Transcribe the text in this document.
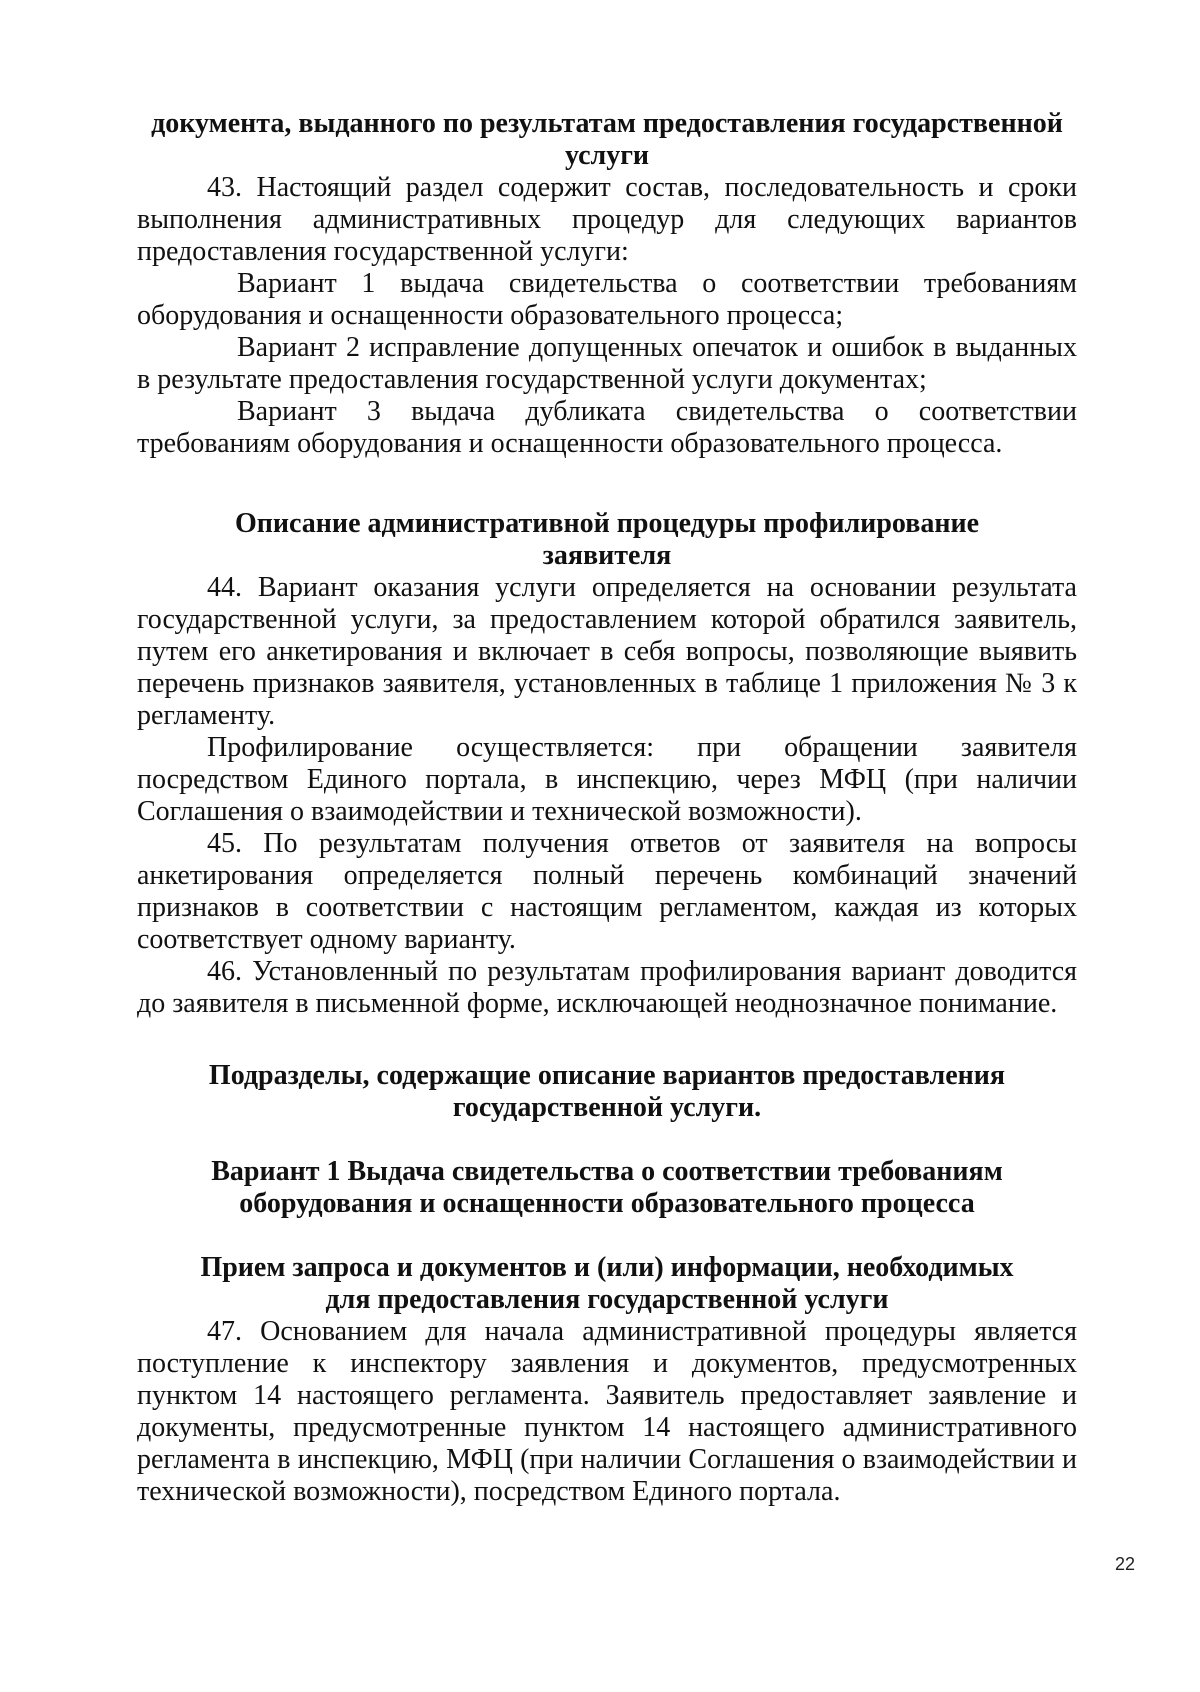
документа, выданного по результатам предоставления государственной услуги

43. Настоящий раздел содержит состав, последовательность и сроки выполнения административных процедур для следующих вариантов предоставления государственной услуги:

Вариант 1 выдача свидетельства о соответствии требованиям оборудования и оснащенности образовательного процесса;

Вариант 2 исправление допущенных опечаток и ошибок в выданных в результате предоставления государственной услуги документах;

Вариант 3 выдача дубликата свидетельства о соответствии требованиям оборудования и оснащенности образовательного процесса.

Описание административной процедуры профилирование заявителя

44. Вариант оказания услуги определяется на основании результата государственной услуги, за предоставлением которой обратился заявитель, путем его анкетирования и включает в себя вопросы, позволяющие выявить перечень признаков заявителя, установленных в таблице 1 приложения № 3 к регламенту.

Профилирование осуществляется: при обращении заявителя посредством Единого портала, в инспекцию, через МФЦ (при наличии Соглашения о взаимодействии и технической возможности).

45. По результатам получения ответов от заявителя на вопросы анкетирования определяется полный перечень комбинаций значений признаков в соответствии с настоящим регламентом, каждая из которых соответствует одному варианту.

46. Установленный по результатам профилирования вариант доводится до заявителя в письменной форме, исключающей неоднозначное понимание.

Подразделы, содержащие описание вариантов предоставления государственной услуги.

Вариант 1 Выдача свидетельства о соответствии требованиям оборудования и оснащенности образовательного процесса

Прием запроса и документов и (или) информации, необходимых для предоставления государственной услуги

47. Основанием для начала административной процедуры является поступление к инспектору заявления и документов, предусмотренных пунктом 14 настоящего регламента. Заявитель предоставляет заявление и документы, предусмотренные пунктом 14 настоящего административного регламента в инспекцию, МФЦ (при наличии Соглашения о взаимодействии и технической возможности), посредством Единого портала.

22
